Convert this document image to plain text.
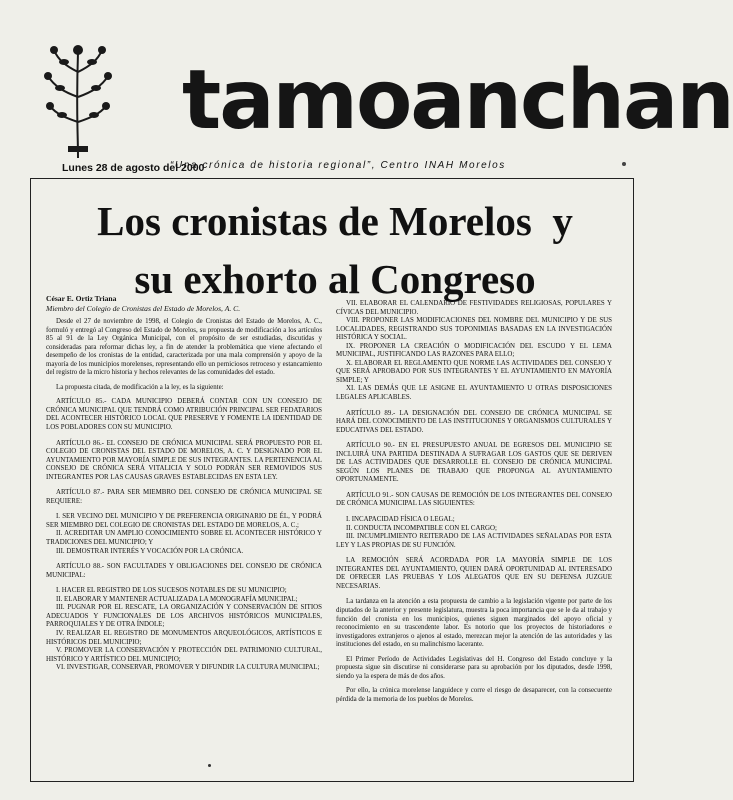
tamoanchan
Lunes 28 de agosto del 2000
“Una crónica de historia regional”, Centro INAH Morelos
Los cronistas de Morelos  y
su exhorto al Congreso
César E. Ortiz Triana
Miembro del Colegio de Cronistas del Estado de Morelos, A. C.

Desde el 27 de noviembre de 1998, el Colegio de Cronistas del Estado de Morelos, A. C., formuló y entregó al Congreso del Estado de Morelos, su propuesta de modificación a los artículos 85 al 91 de la Ley Orgánica Municipal, con el propósito de ser estudiadas, discutidas y consideradas para reformar dichas ley, a fin de atender la problemática que viene afectando el desempeño de los cronistas de la entidad, caracterizada por una mala comprensión y apoyo de la mayoría de los municipios morelenses, representando ello un perniciosos retroceso y estancamiento del registro de la micro historia y hechos relevantes de las comunidades del estado.

La propuesta citada, de modificación a la ley, es la siguiente:

ARTÍCULO 85.- CADA MUNICIPIO DEBERÁ CONTAR CON UN CONSEJO DE CRÓNICA MUNICIPAL QUE TENDRÁ COMO ATRIBUCIÓN PRINCIPAL SER FEDATARIOS DEL ACONTECER HISTÓRICO LOCAL QUE PRESERVE Y FOMENTE LA IDENTIDAD DE LOS POBLADORES CON SU MUNICIPIO.

ARTÍCULO 86.- EL CONSEJO DE CRÓNICA MUNICIPAL SERÁ PROPUESTO POR EL COLEGIO DE CRONISTAS DEL ESTADO DE MORELOS, A. C. Y DESIGNADO POR EL AYUNTAMIENTO POR MAYORÍA SIMPLE DE SUS INTEGRANTES. LA PERTENENCIA AL CONSEJO DE CRÓNICA SERÁ VITALICIA Y SOLO PODRÁN SER REMOVIDOS SUS INTEGRANTES POR LAS CAUSAS GRAVES ESTABLECIDAS EN ESTA LEY.

ARTÍCULO 87.- PARA SER MIEMBRO DEL CONSEJO DE CRÓNICA MUNICIPAL SE REQUIERE:

I. SER VECINO DEL MUNICIPIO Y DE PREFERENCIA ORIGINARIO DE ÉL, Y PODRÁ SER MIEMBRO DEL COLEGIO DE CRONISTAS DEL ESTADO DE MORELOS, A. C.;

II. ACREDITAR UN AMPLIO CONOCIMIENTO SOBRE EL ACONTECER HISTÓRICO Y TRADICIONES DEL MUNICIPIO; Y

III. DEMOSTRAR INTERÉS Y VOCACIÓN POR LA CRÓNICA.

ARTÍCULO 88.- SON FACULTADES Y OBLIGACIONES DEL CONSEJO DE CRÓNICA MUNICIPAL:

I. HACER EL REGISTRO DE LOS SUCESOS NOTABLES DE SU MUNICIPIO;

II. ELABORAR Y MANTENER ACTUALIZADA LA MONOGRAFÍA MUNICIPAL;

III. PUGNAR POR EL RESCATE, LA ORGANIZACIÓN Y CONSERVACIÓN DE SITIOS ADECUADOS Y FUNCIONALES DE LOS ARCHIVOS HISTÓRICOS MUNICIPALES, PARROQUIALES Y DE OTRA ÍNDOLE;

IV. REALIZAR EL REGISTRO DE MONUMENTOS ARQUEOLÓGICOS, ARTÍSTICOS E HISTÓRICOS DEL MUNICIPIO;

V. PROMOVER LA CONSERVACIÓN Y PROTECCIÓN DEL PATRIMONIO CULTURAL, HISTÓRICO Y ARTÍSTICO DEL MUNICIPIO;

VI. INVESTIGAR, CONSERVAR, PROMOVER Y DIFUNDIR LA CULTURA MUNICIPAL;

VII. ELABORAR EL CALENDARIO DE FESTIVIDADES RELIGIOSAS, POPULARES Y CÍVICAS DEL MUNICIPIO.

VIII. PROPONER LAS MODIFICACIONES DEL NOMBRE DEL MUNICIPIO Y DE SUS LOCALIDADES, REGISTRANDO SUS TOPONIMIAS BASADAS EN LA INVESTIGACIÓN HISTÓRICA Y SOCIAL.

IX. PROPONER LA CREACIÓN O MODIFICACIÓN DEL ESCUDO Y EL LEMA MUNICIPAL, JUSTIFICANDO LAS RAZONES PARA ELLO;

X. ELABORAR EL REGLAMENTO QUE NORME LAS ACTIVIDADES DEL CONSEJO Y QUE SERÁ APROBADO POR SUS INTEGRANTES Y EL AYUNTAMIENTO EN MAYORÍA SIMPLE; Y

XI. LAS DEMÁS QUE LE ASIGNE EL AYUNTAMIENTO U OTRAS DISPOSICIONES LEGALES APLICABLES.

ARTÍCULO 89.- LA DESIGNACIÓN DEL CONSEJO DE CRÓNICA MUNICIPAL SE HARÁ DEL CONOCIMIENTO DE LAS INSTITUCIONES Y ORGANISMOS CULTURALES Y EDUCATIVAS DEL ESTADO.

ARTÍCULO 90.- EN EL PRESUPUESTO ANUAL DE EGRESOS DEL MUNICIPIO SE INCLUIRÁ UNA PARTIDA DESTINADA A SUFRAGAR LOS GASTOS QUE SE DERIVEN DE LAS ACTIVIDADES QUE DESARROLLE EL CONSEJO DE CRÓNICA MUNICIPAL SEGÚN LOS PLANES DE TRABAJO QUE PROPONGA AL AYUNTAMIENTO OPORTUNAMENTE.

ARTÍCULO 91.- SON CAUSAS DE REMOCIÓN DE LOS INTEGRANTES DEL CONSEJO DE CRÓNICA MUNICIPAL LAS SIGUIENTES:

I. INCAPACIDAD FÍSICA O LEGAL;

II. CONDUCTA INCOMPATIBLE CON EL CARGO;

III. INCUMPLIMIENTO REITERADO DE LAS ACTIVIDADES SEÑALADAS POR ESTA LEY Y LAS PROPIAS DE SU FUNCIÓN.

LA REMOCIÓN SERÁ ACORDADA POR LA MAYORÍA SIMPLE DE LOS INTEGRANTES DEL AYUNTAMIENTO, QUIEN DARÁ OPORTUNIDAD AL INTERESADO DE OFRECER LAS PRUEBAS Y LOS ALEGATOS QUE EN SU DEFENSA JUZGUE NECESARIAS.

La tardanza en la atención a esta propuesta de cambio a la legislación vigente por parte de los diputados de la anterior y presente legislatura, muestra la poca importancia que se le da al trabajo y función del cronista en los municipios, quienes siguen marginados del apoyo oficial y reconocimiento en su trascendente labor. Es notorio que los proyectos de historiadores e investigadores extranjeros o ajenos al estado, merezcan mejor la atención de las autoridades y las instituciones del estado, en su malinchismo lacerante.

El Primer Período de Actividades Legislativas del H. Congreso del Estado concluye y la propuesta sigue sin discutirse ni considerarse para su aprobación por los diputados, desde 1998, siendo ya la espera de más de dos años.

Por ello, la crónica morelense languidece y corre el riesgo de desaparecer, con la consecuente pérdida de la memoria de los pueblos de Morelos.
